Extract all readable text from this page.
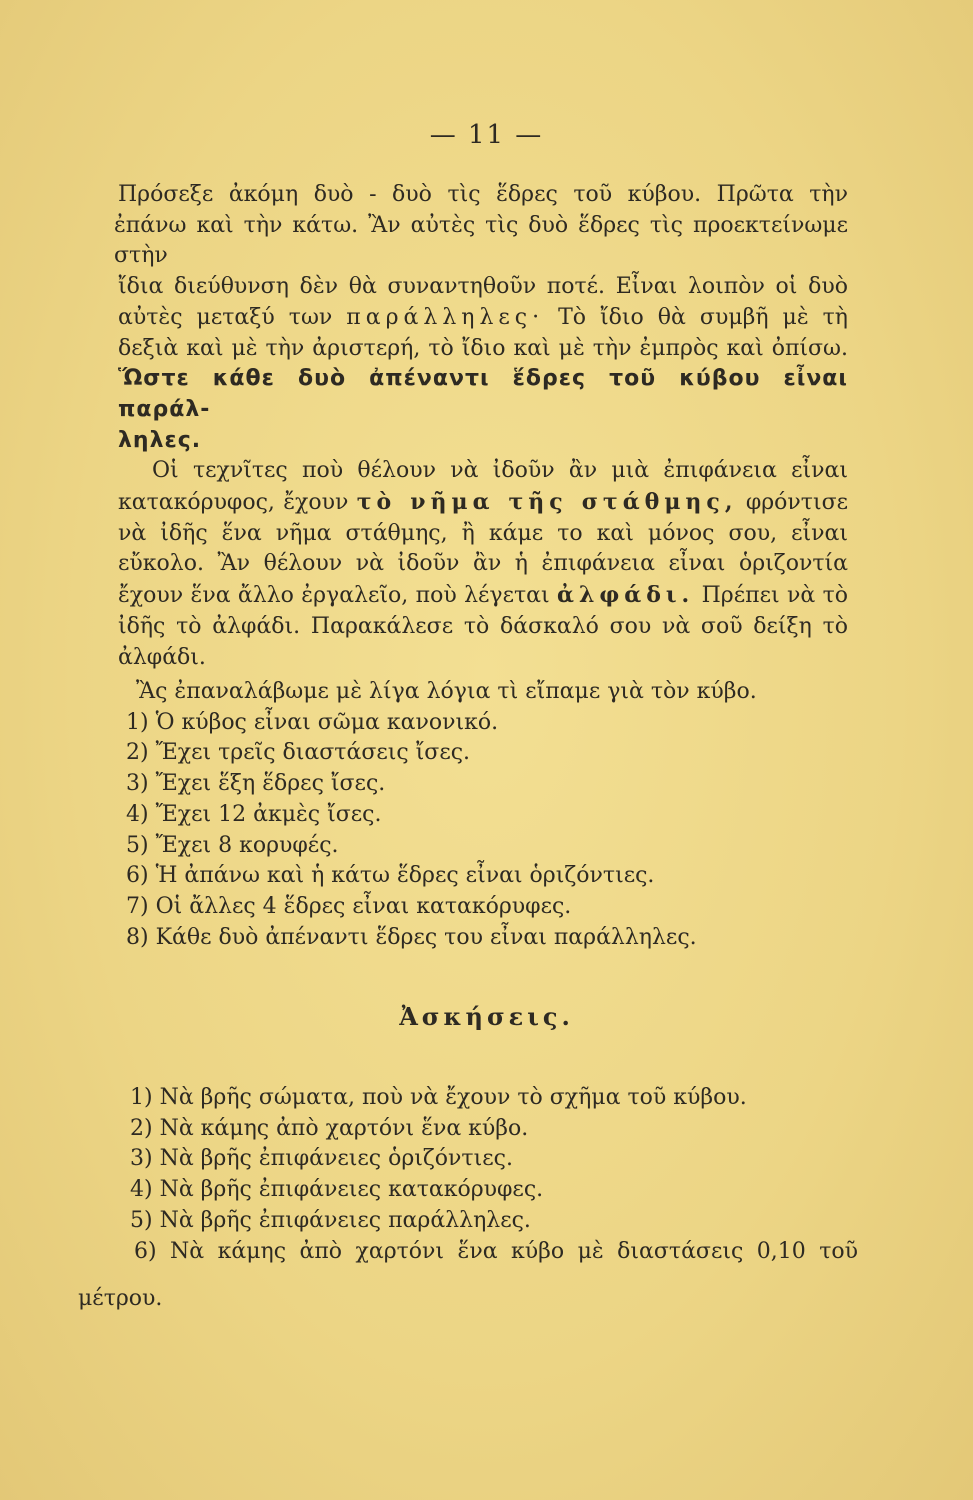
— 11 —
Πρόσεξε ἀκόμη δυὸ - δυὸ τὶς ἕδρες τοῦ κύβου. Πρῶτα τὴν
ἐπάνω καὶ τὴν κάτω. Ἂν αὐτὲς τὶς δυὸ ἕδρες τὶς προεκτείνωμε στὴν
ἴδια διεύθυνση δὲν θὰ συναντηθοῦν ποτέ. Εἶναι λοιπὸν οἱ δυὸ
αὐτὲς μεταξύ των παράλληλες· Τὸ ἴδιο θὰ συμβῆ μὲ τὴ
δεξιὰ καὶ μὲ τὴν ἀριστερή, τὸ ἴδιο καὶ μὲ τὴν ἐμπρὸς καὶ ὀπίσω.
Ὥστε κάθε δυὸ ἀπέναντι ἕδρες τοῦ κύβου εἶναι παράλ-
ληλες.
Οἱ τεχνῖτες ποὺ θέλουν νὰ ἰδοῦν ἂν μιὰ ἐπιφάνεια εἶναι
κατακόρυφος, ἔχουν τὸ νῆμα τῆς στάθμης, φρόντισε
νὰ ἰδῆς ἕνα νῆμα στάθμης, ἢ κάμε το καὶ μόνος σου, εἶναι
εὔκολο. Ἂν θέλουν νὰ ἰδοῦν ἂν ἡ ἐπιφάνεια εἶναι ὁριζοντία
ἔχουν ἕνα ἄλλο ἐργαλεῖο, ποὺ λέγεται ἀλφάδι. Πρέπει νὰ τὸ
ἰδῆς τὸ ἀλφάδι. Παρακάλεσε τὸ δάσκαλό σου νὰ σοῦ δείξη τὸ
ἀλφάδι.
Ἂς ἐπαναλάβωμε μὲ λίγα λόγια τὶ εἴπαμε γιὰ τὸν κύβο.
1) Ὁ κύβος εἶναι σῶμα κανονικό.
2) Ἔχει τρεῖς διαστάσεις ἴσες.
3) Ἔχει ἕξη ἕδρες ἴσες.
4) Ἔχει 12 ἀκμὲς ἴσες.
5) Ἔχει 8 κορυφές.
6) Ἡ ἀπάνω καὶ ἡ κάτω ἕδρες εἶναι ὁριζόντιες.
7) Οἱ ἄλλες 4 ἕδρες εἶναι κατακόρυφες.
8) Κάθε δυὸ ἀπέναντι ἕδρες του εἶναι παράλληλες.
Ἀσκήσεις.
1) Νὰ βρῆς σώματα, ποὺ νὰ ἔχουν τὸ σχῆμα τοῦ κύβου.
2) Νὰ κάμης ἀπὸ χαρτόνι ἕνα κύβο.
3) Νὰ βρῆς ἐπιφάνειες ὁριζόντιες.
4) Νὰ βρῆς ἐπιφάνειες κατακόρυφες.
5) Νὰ βρῆς ἐπιφάνειες παράλληλες.
6) Νὰ κάμης ἀπὸ χαρτόνι ἕνα κύβο μὲ διαστάσεις 0,10 τοῦ
μέτρου.
